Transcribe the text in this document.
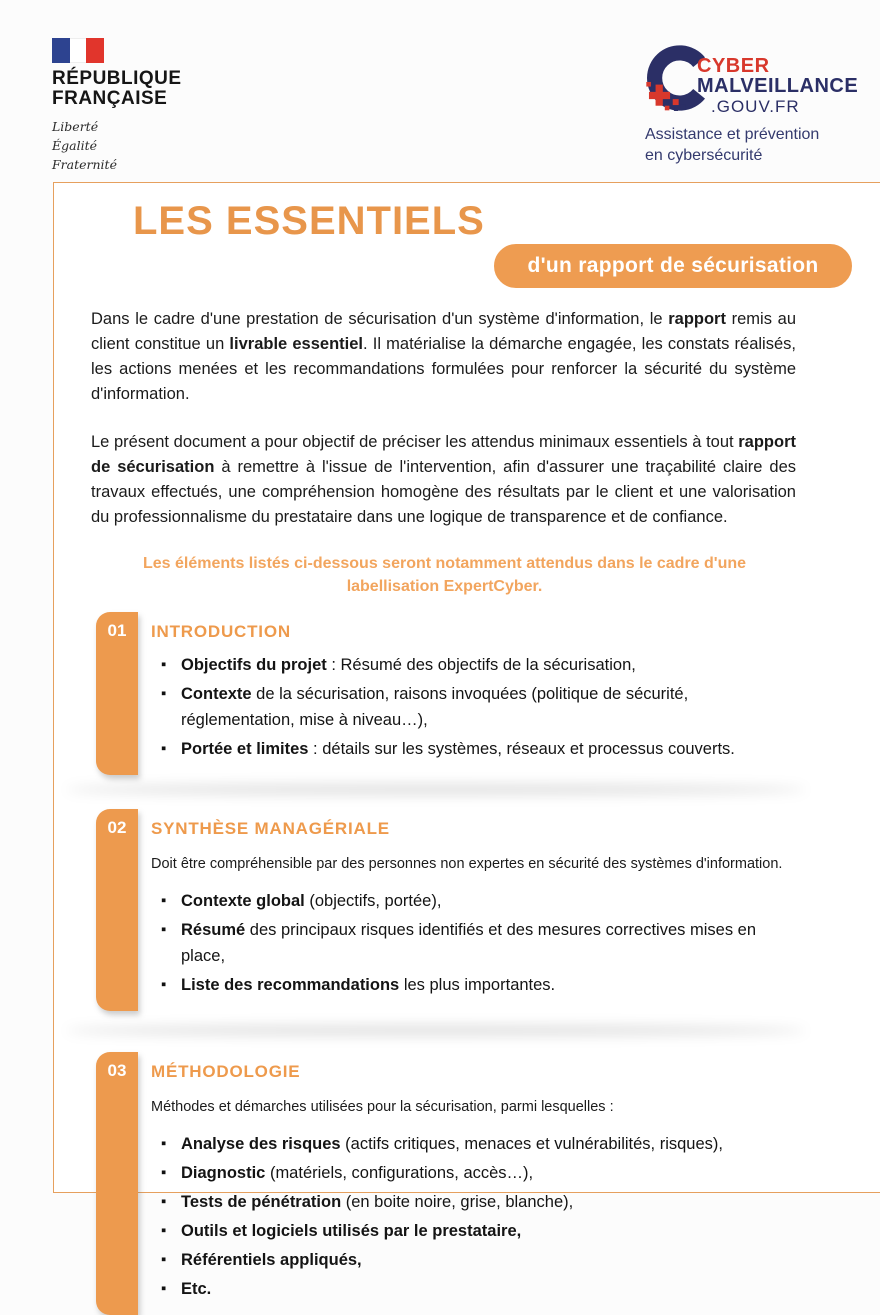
RÉPUBLIQUE
FRANÇAISE
Liberté
Égalité
Fraternité
CYBER
MALVEILLANCE
.GOUV.FR
Assistance et prévention
en cybersécurité
LES ESSENTIELS
d'un rapport de sécurisation

Dans le cadre d'une prestation de sécurisation d'un système d'information, le rapport remis au client constitue un livrable essentiel. Il matérialise la démarche engagée, les constats réalisés, les actions menées et les recommandations formulées pour renforcer la sécurité du système d'information.

Le présent document a pour objectif de préciser les attendus minimaux essentiels à tout rapport de sécurisation à remettre à l'issue de l'intervention, afin d'assurer une traçabilité claire des travaux effectués, une compréhension homogène des résultats par le client et une valorisation du professionnalisme du prestataire dans une logique de transparence et de confiance.

Les éléments listés ci-dessous seront notamment attendus dans le cadre d'une labellisation ExpertCyber.
01	INTRODUCTION
▪ Objectifs du projet : Résumé des objectifs de la sécurisation,
▪ Contexte de la sécurisation, raisons invoquées (politique de sécurité, réglementation, mise à niveau…),
▪ Portée et limites : détails sur les systèmes, réseaux et processus couverts.
02	SYNTHÈSE MANAGÉRIALE
Doit être compréhensible par des personnes non expertes en sécurité des systèmes d'information.
▪ Contexte global (objectifs, portée),
▪ Résumé des principaux risques identifiés et des mesures correctives mises en place,
▪ Liste des recommandations les plus importantes.
03	MÉTHODOLOGIE
Méthodes et démarches utilisées pour la sécurisation, parmi lesquelles :
▪ Analyse des risques (actifs critiques, menaces et vulnérabilités, risques),
▪ Diagnostic (matériels, configurations, accès…),
▪ Tests de pénétration (en boite noire, grise, blanche),
▪ Outils et logiciels utilisés par le prestataire,
▪ Référentiels appliqués,
▪ Etc.
